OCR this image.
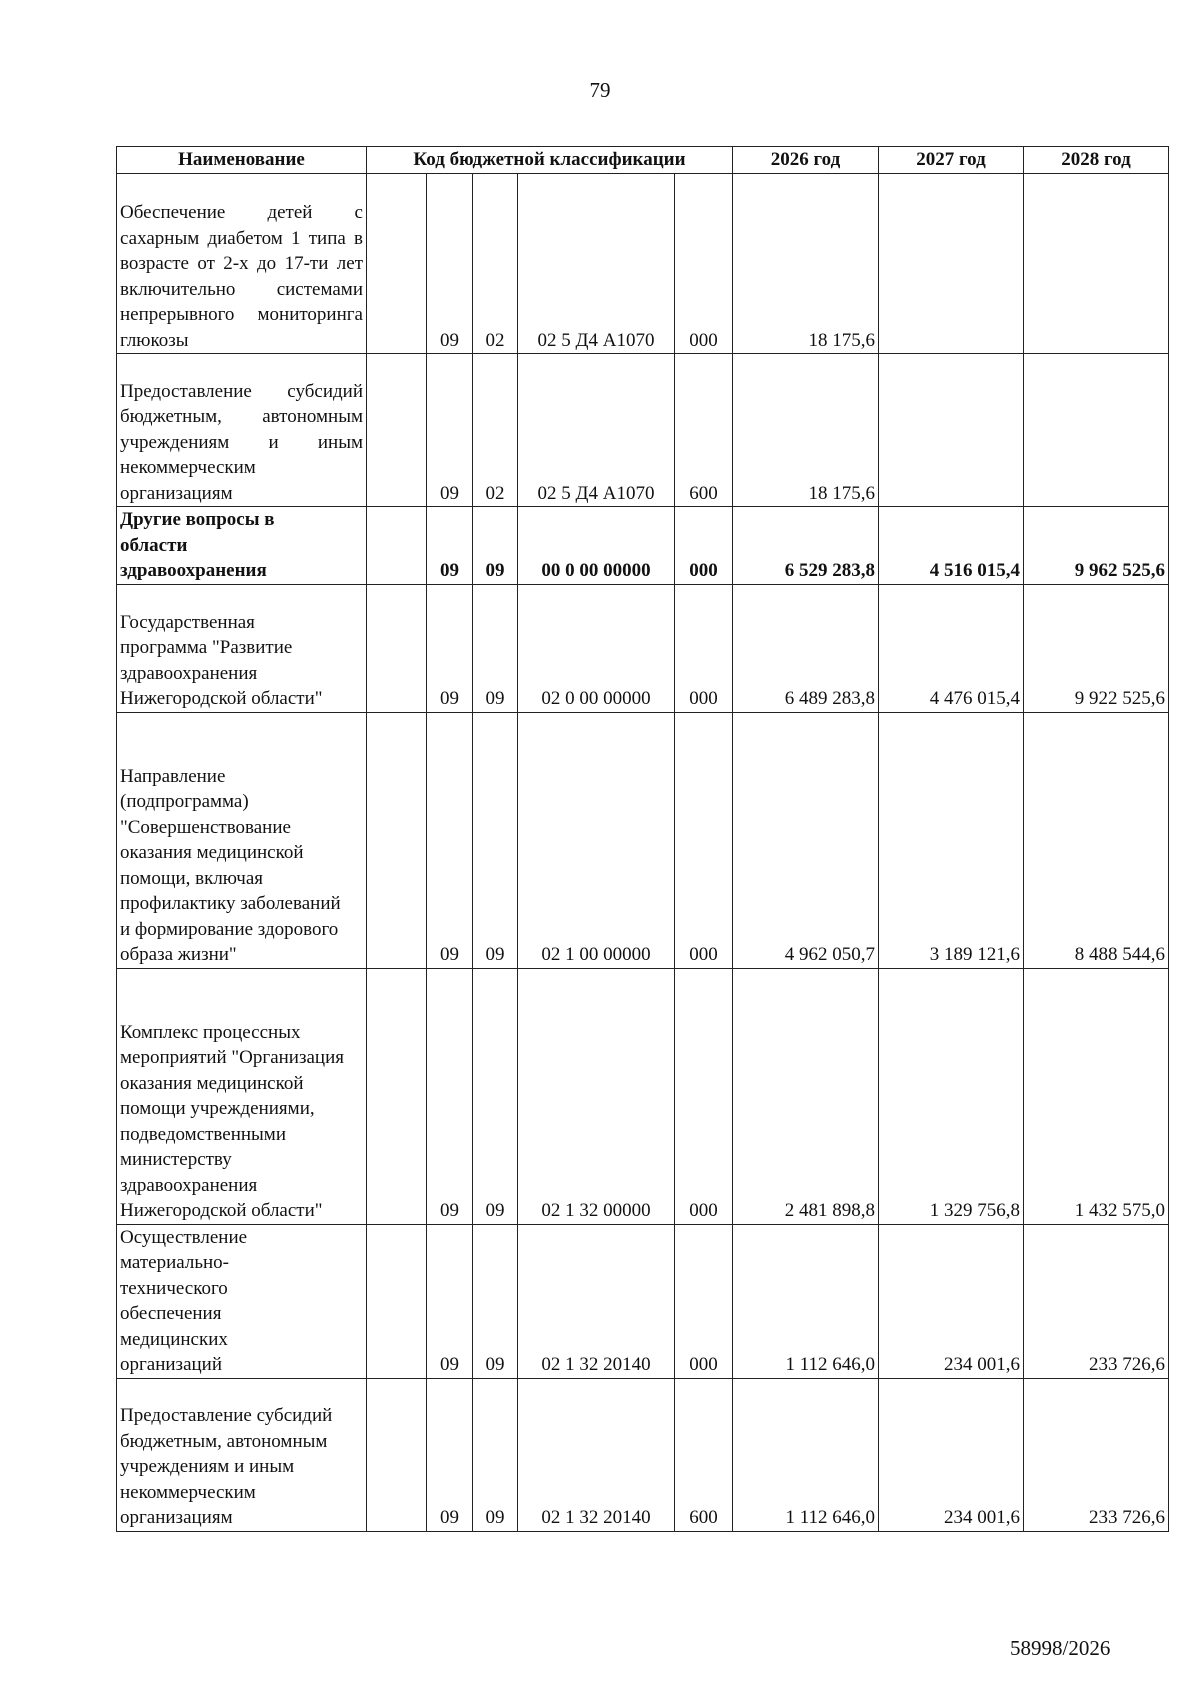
79
Наименование	Код бюджетной классификации					2026 год	2027 год	2028 год
Обеспечение детей с сахарным диабетом 1 типа в возрасте от 2-х до 17-ти лет включительно системами непрерывного мониторинга глюкозы		09	02	02 5 Д4 А1070	000	18 175,6		
Предоставление субсидий бюджетным, автономным учреждениям и иным некоммерческим организациям		09	02	02 5 Д4 А1070	600	18 175,6		
Другие вопросы в области здравоохранения		09	09	00 0 00 00000	000	6 529 283,8	4 516 015,4	9 962 525,6
Государственная программа "Развитие здравоохранения Нижегородской области"		09	09	02 0 00 00000	000	6 489 283,8	4 476 015,4	9 922 525,6
Направление (подпрограмма) "Совершенствование оказания медицинской помощи, включая профилактику заболеваний и формирование здорового образа жизни"		09	09	02 1 00 00000	000	4 962 050,7	3 189 121,6	8 488 544,6
Комплекс процессных мероприятий "Организация оказания медицинской помощи учреждениями, подведомственными министерству здравоохранения Нижегородской области"		09	09	02 1 32 00000	000	2 481 898,8	1 329 756,8	1 432 575,0
Осуществление материально-технического обеспечения медицинских организаций		09	09	02 1 32 20140	000	1 112 646,0	234 001,6	233 726,6
Предоставление субсидий бюджетным, автономным учреждениям и иным некоммерческим организациям		09	09	02 1 32 20140	600	1 112 646,0	234 001,6	233 726,6
58998/2026
